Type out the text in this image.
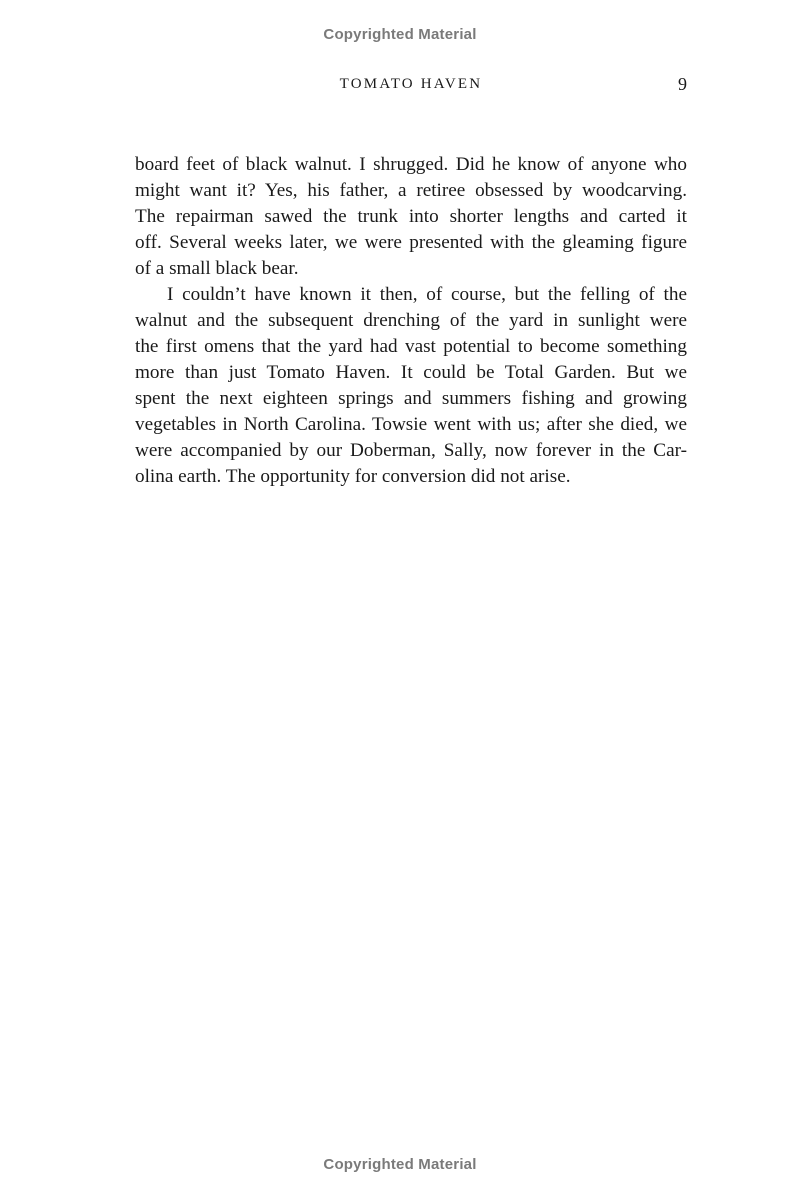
Copyrighted Material
TOMATO HAVEN	9
board feet of black walnut. I shrugged. Did he know of anyone who
might want it? Yes, his father, a retiree obsessed by woodcarving.
The repairman sawed the trunk into shorter lengths and carted it
off. Several weeks later, we were presented with the gleaming figure
of a small black bear.
I couldn’t have known it then, of course, but the felling of the
walnut and the subsequent drenching of the yard in sunlight were
the first omens that the yard had vast potential to become something
more than just Tomato Haven. It could be Total Garden. But we
spent the next eighteen springs and summers fishing and growing
vegetables in North Carolina. Towsie went with us; after she died, we
were accompanied by our Doberman, Sally, now forever in the Car-
olina earth. The opportunity for conversion did not arise.
Copyrighted Material
